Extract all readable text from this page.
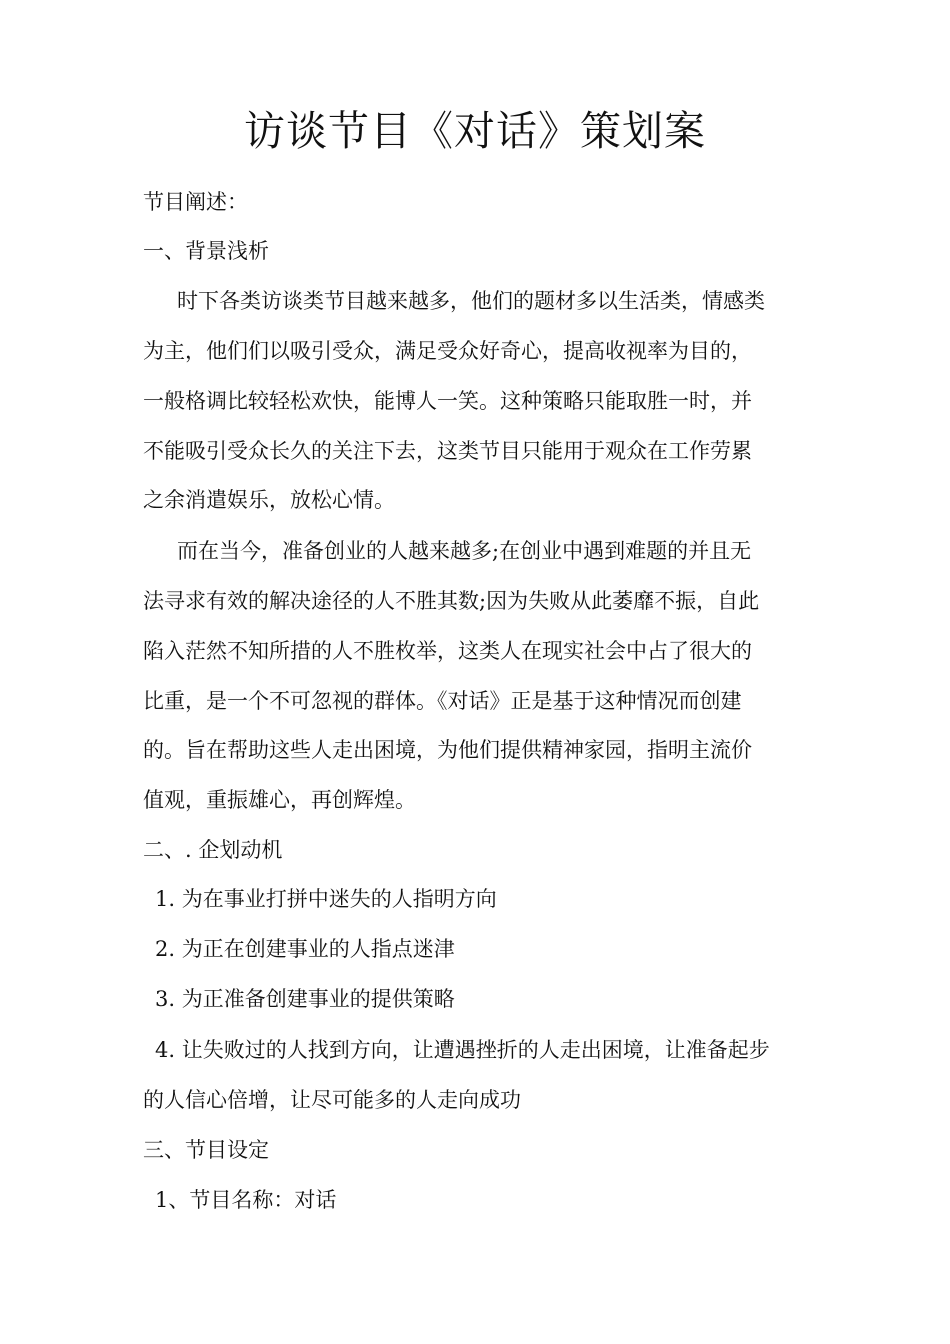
访谈节目《对话》策划案

节目阐述：

一、背景浅析

时下各类访谈类节目越来越多，他们的题材多以生活类，情感类

为主，他们们以吸引受众，满足受众好奇心，提高收视率为目的，

一般格调比较轻松欢快，能博人一笑。这种策略只能取胜一时，并

不能吸引受众长久的关注下去，这类节目只能用于观众在工作劳累

之余消遣娱乐，放松心情。

而在当今，准备创业的人越来越多;在创业中遇到难题的并且无

法寻求有效的解决途径的人不胜其数;因为失败从此萎靡不振，自此

陷入茫然不知所措的人不胜枚举，这类人在现实社会中占了很大的

比重，是一个不可忽视的群体。《对话》正是基于这种情况而创建

的。旨在帮助这些人走出困境，为他们提供精神家园，指明主流价

值观，重振雄心，再创辉煌。

二、. 企划动机

1. 为在事业打拼中迷失的人指明方向

2. 为正在创建事业的人指点迷津

3. 为正准备创建事业的提供策略

4. 让失败过的人找到方向，让遭遇挫折的人走出困境，让准备起步

的人信心倍增，让尽可能多的人走向成功

三、节目设定

1、节目名称：对话
